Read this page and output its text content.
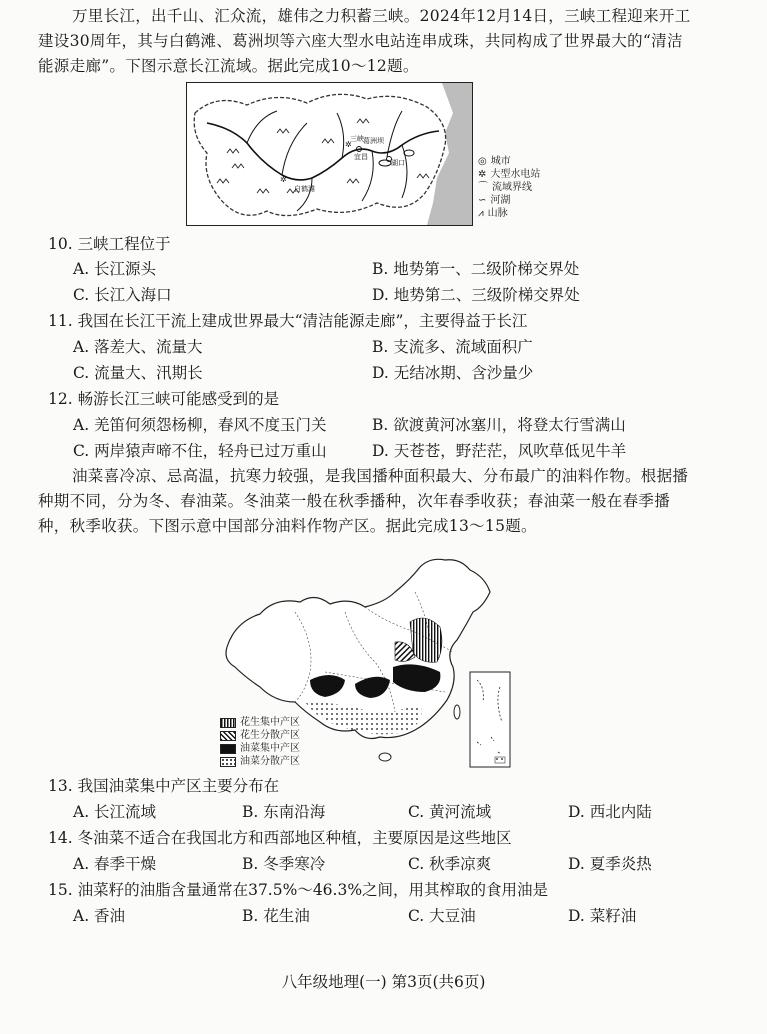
万里长江，出千山、汇众流，雄伟之力积蓄三峡。2024年12月14日，三峡工程迎来开工

建设30周年，其与白鹤滩、葛洲坝等六座大型水电站连串成珠，共同构成了世界最大的“清洁

能源走廊”。下图示意长江流域。据此完成10～12题。

三峡 葛洲坝
宜昌
湖口
白鹤滩
✲
✲
◎ 城市
✲ 大型水电站
⌒ 流域界线
∽ 河湖
⩘ 山脉
10. 三峡工程位于
A. 长江源头	B. 地势第一、二级阶梯交界处
C. 长江入海口	D. 地势第二、三级阶梯交界处
11. 我国在长江干流上建成世界最大“清洁能源走廊”，主要得益于长江
A. 落差大、流量大	B. 支流多、流域面积广
C. 流量大、汛期长	D. 无结冰期、含沙量少
12. 畅游长江三峡可能感受到的是
A. 羌笛何须怨杨柳，春风不度玉门关	B. 欲渡黄河冰塞川，将登太行雪满山
C. 两岸猿声啼不住，轻舟已过万重山	D. 天苍苍，野茫茫，风吹草低见牛羊

油菜喜冷凉、忌高温，抗寒力较强，是我国播种面积最大、分布最广的油料作物。根据播

种期不同，分为冬、春油菜。冬油菜一般在秋季播种，次年春季收获；春油菜一般在春季播

种，秋季收获。下图示意中国部分油料作物产区。据此完成13～15题。

花生集中产区
花生分散产区
油菜集中产区
油菜分散产区
13. 我国油菜集中产区主要分布在
A. 长江流域	B. 东南沿海	C. 黄河流域	D. 西北内陆
14. 冬油菜不适合在我国北方和西部地区种植，主要原因是这些地区
A. 春季干燥	B. 冬季寒冷	C. 秋季凉爽	D. 夏季炎热
15. 油菜籽的油脂含量通常在37.5%～46.3%之间，用其榨取的食用油是
A. 香油	B. 花生油	C. 大豆油	D. 菜籽油
八年级地理(一) 第3页(共6页)
